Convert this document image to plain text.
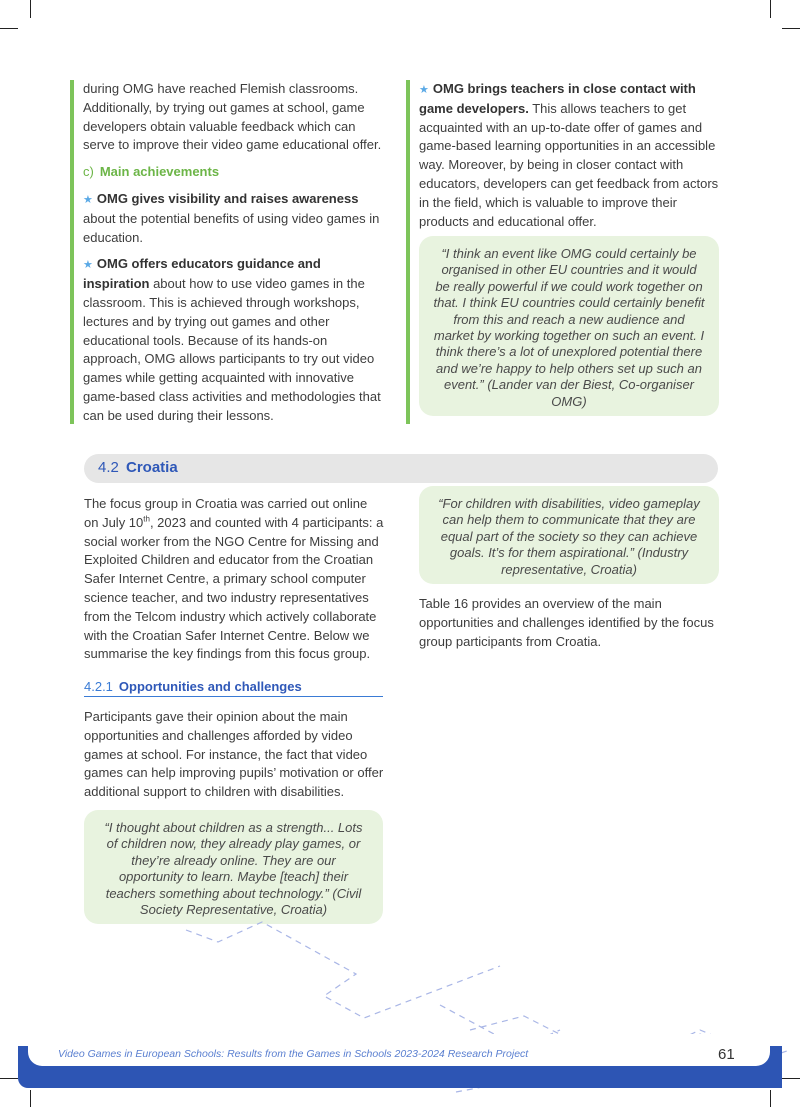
during OMG have reached Flemish classrooms. Additionally, by trying out games at school, game developers obtain valuable feedback which can serve to improve their video game educational offer.

c) Main achievements

★ OMG gives visibility and raises awareness about the potential benefits of using video games in education.

★ OMG offers educators guidance and inspiration about how to use video games in the classroom. This is achieved through workshops, lectures and by trying out games and other educational tools. Because of its hands-on approach, OMG allows participants to try out video games while getting acquainted with innovative game-based class activities and methodologies that can be used during their lessons.

★ OMG brings teachers in close contact with game developers. This allows teachers to get acquainted with an up-to-date offer of games and game-based learning opportunities in an accessible way. Moreover, by being in closer contact with educators, developers can get feedback from actors in the field, which is valuable to improve their products and educational offer.

“I think an event like OMG could certainly be organised in other EU countries and it would be really powerful if we could work together on that. I think EU countries could certainly benefit from this and reach a new audience and market by working together on such an event. I think there’s a lot of unexplored potential there and we’re happy to help others set up such an event.” (Lander van der Biest, Co-organiser OMG)
4.2 Croatia

The focus group in Croatia was carried out online on July 10th, 2023 and counted with 4 participants: a social worker from the NGO Centre for Missing and Exploited Children and educator from the Croatian Safer Internet Centre, a primary school computer science teacher, and two industry representatives from the Telcom industry which actively collaborate with the Croatian Safer Internet Centre. Below we summarise the key findings from this focus group.

4.2.1 Opportunities and challenges

Participants gave their opinion about the main opportunities and challenges afforded by video games at school. For instance, the fact that video games can help improving pupils’ motivation or offer additional support to children with disabilities.

“I thought about children as a strength... Lots of children now, they already play games, or they’re already online. They are our opportunity to learn. Maybe [teach] their teachers something about technology.” (Civil Society Representative, Croatia)
“For children with disabilities, video gameplay can help them to communicate that they are equal part of the society so they can achieve goals. It’s for them aspirational.” (Industry representative, Croatia)

Table 16 provides an overview of the main opportunities and challenges identified by the focus group participants from Croatia.

Video Games in European Schools: Results from the Games in Schools 2023-2024 Research Project	61
